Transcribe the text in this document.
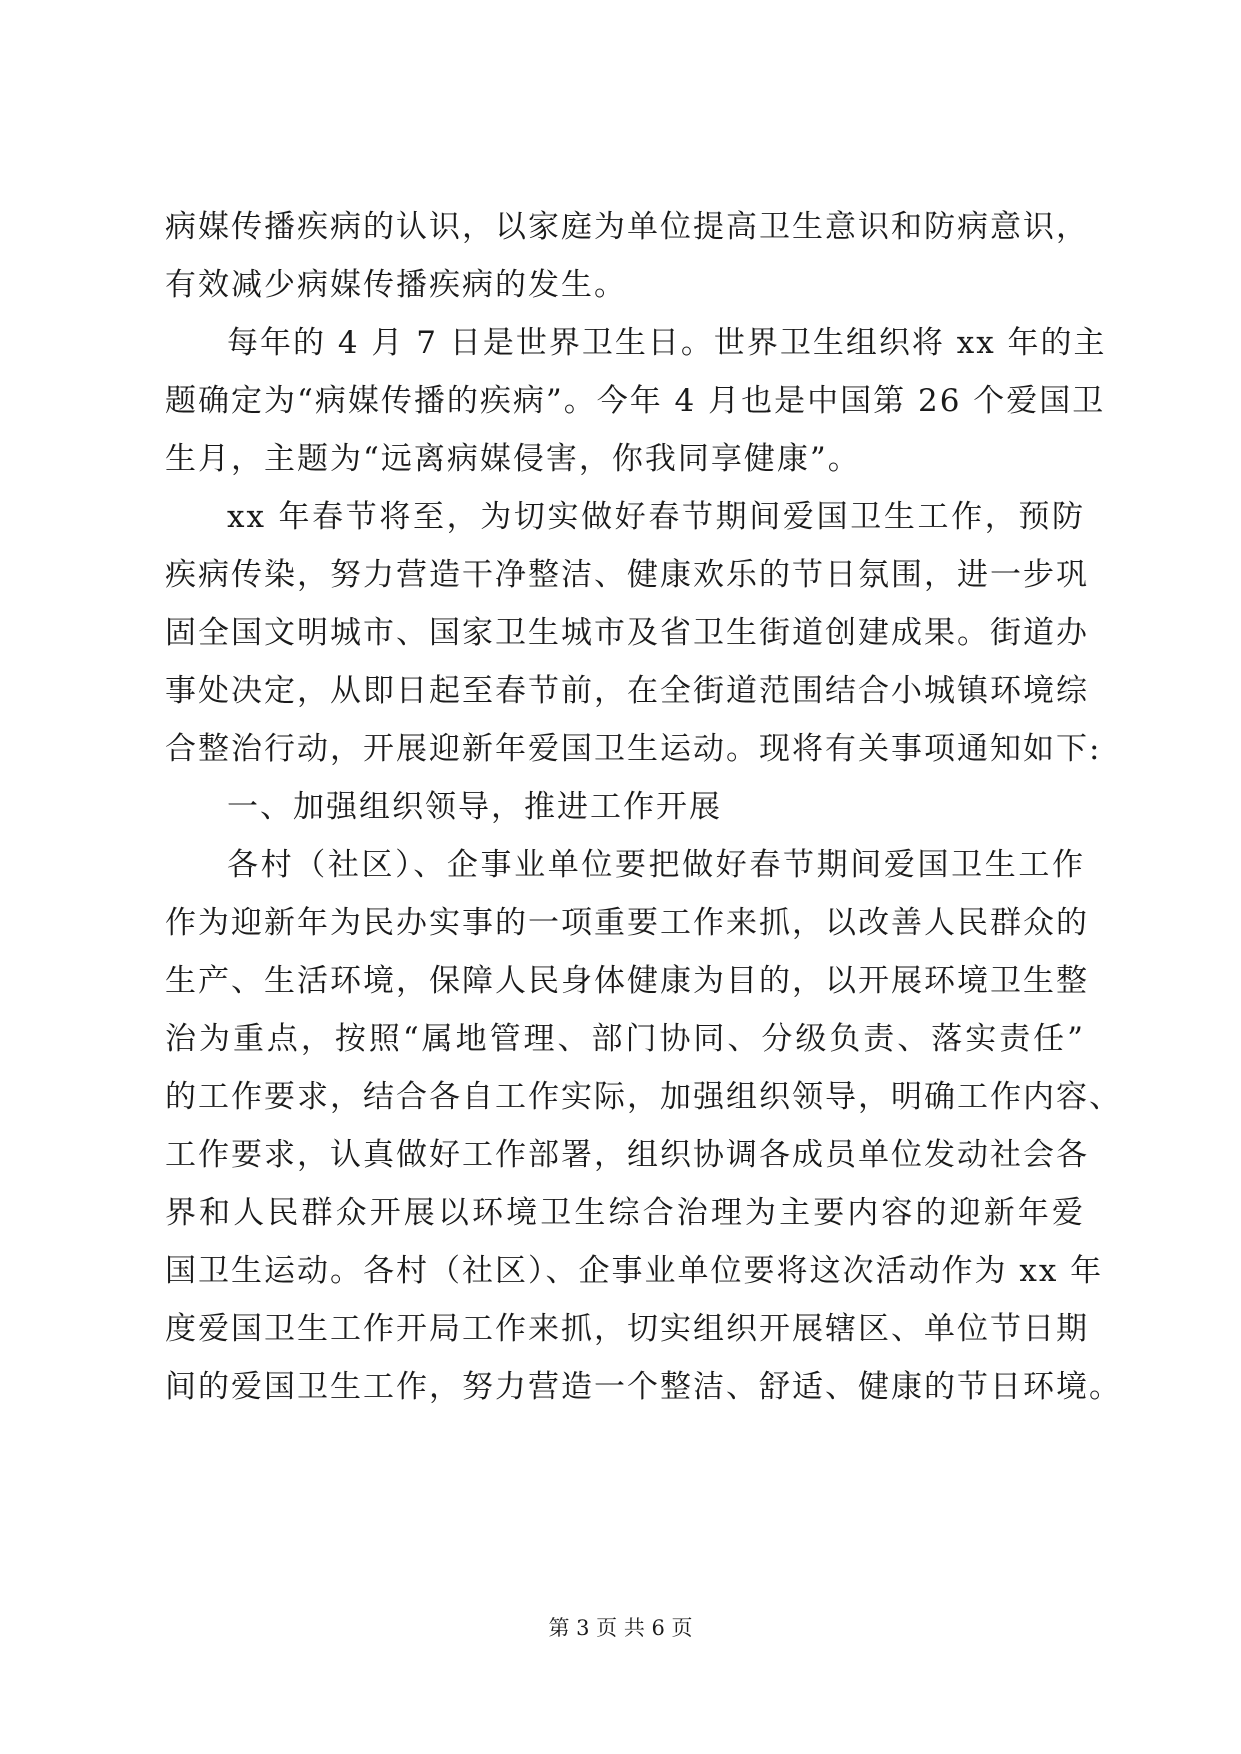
病媒传播疾病的认识，以家庭为单位提高卫生意识和防病意识，
有效减少病媒传播疾病的发生。
每年的 4 月 7 日是世界卫生日。世界卫生组织将 xx 年的主
题确定为“病媒传播的疾病”。今年 4 月也是中国第 26 个爱国卫
生月，主题为“远离病媒侵害，你我同享健康”。
xx 年春节将至，为切实做好春节期间爱国卫生工作，预防
疾病传染，努力营造干净整洁、健康欢乐的节日氛围，进一步巩
固全国文明城市、国家卫生城市及省卫生街道创建成果。街道办
事处决定，从即日起至春节前，在全街道范围结合小城镇环境综
合整治行动，开展迎新年爱国卫生运动。现将有关事项通知如下:
一、加强组织领导，推进工作开展
各村（社区）、企事业单位要把做好春节期间爱国卫生工作
作为迎新年为民办实事的一项重要工作来抓，以改善人民群众的
生产、生活环境，保障人民身体健康为目的，以开展环境卫生整
治为重点，按照“属地管理、部门协同、分级负责、落实责任”
的工作要求，结合各自工作实际，加强组织领导，明确工作内容、
工作要求，认真做好工作部署，组织协调各成员单位发动社会各
界和人民群众开展以环境卫生综合治理为主要内容的迎新年爱
国卫生运动。各村（社区）、企事业单位要将这次活动作为 xx 年
度爱国卫生工作开局工作来抓，切实组织开展辖区、单位节日期
间的爱国卫生工作，努力营造一个整洁、舒适、健康的节日环境。
第 3 页 共 6 页
